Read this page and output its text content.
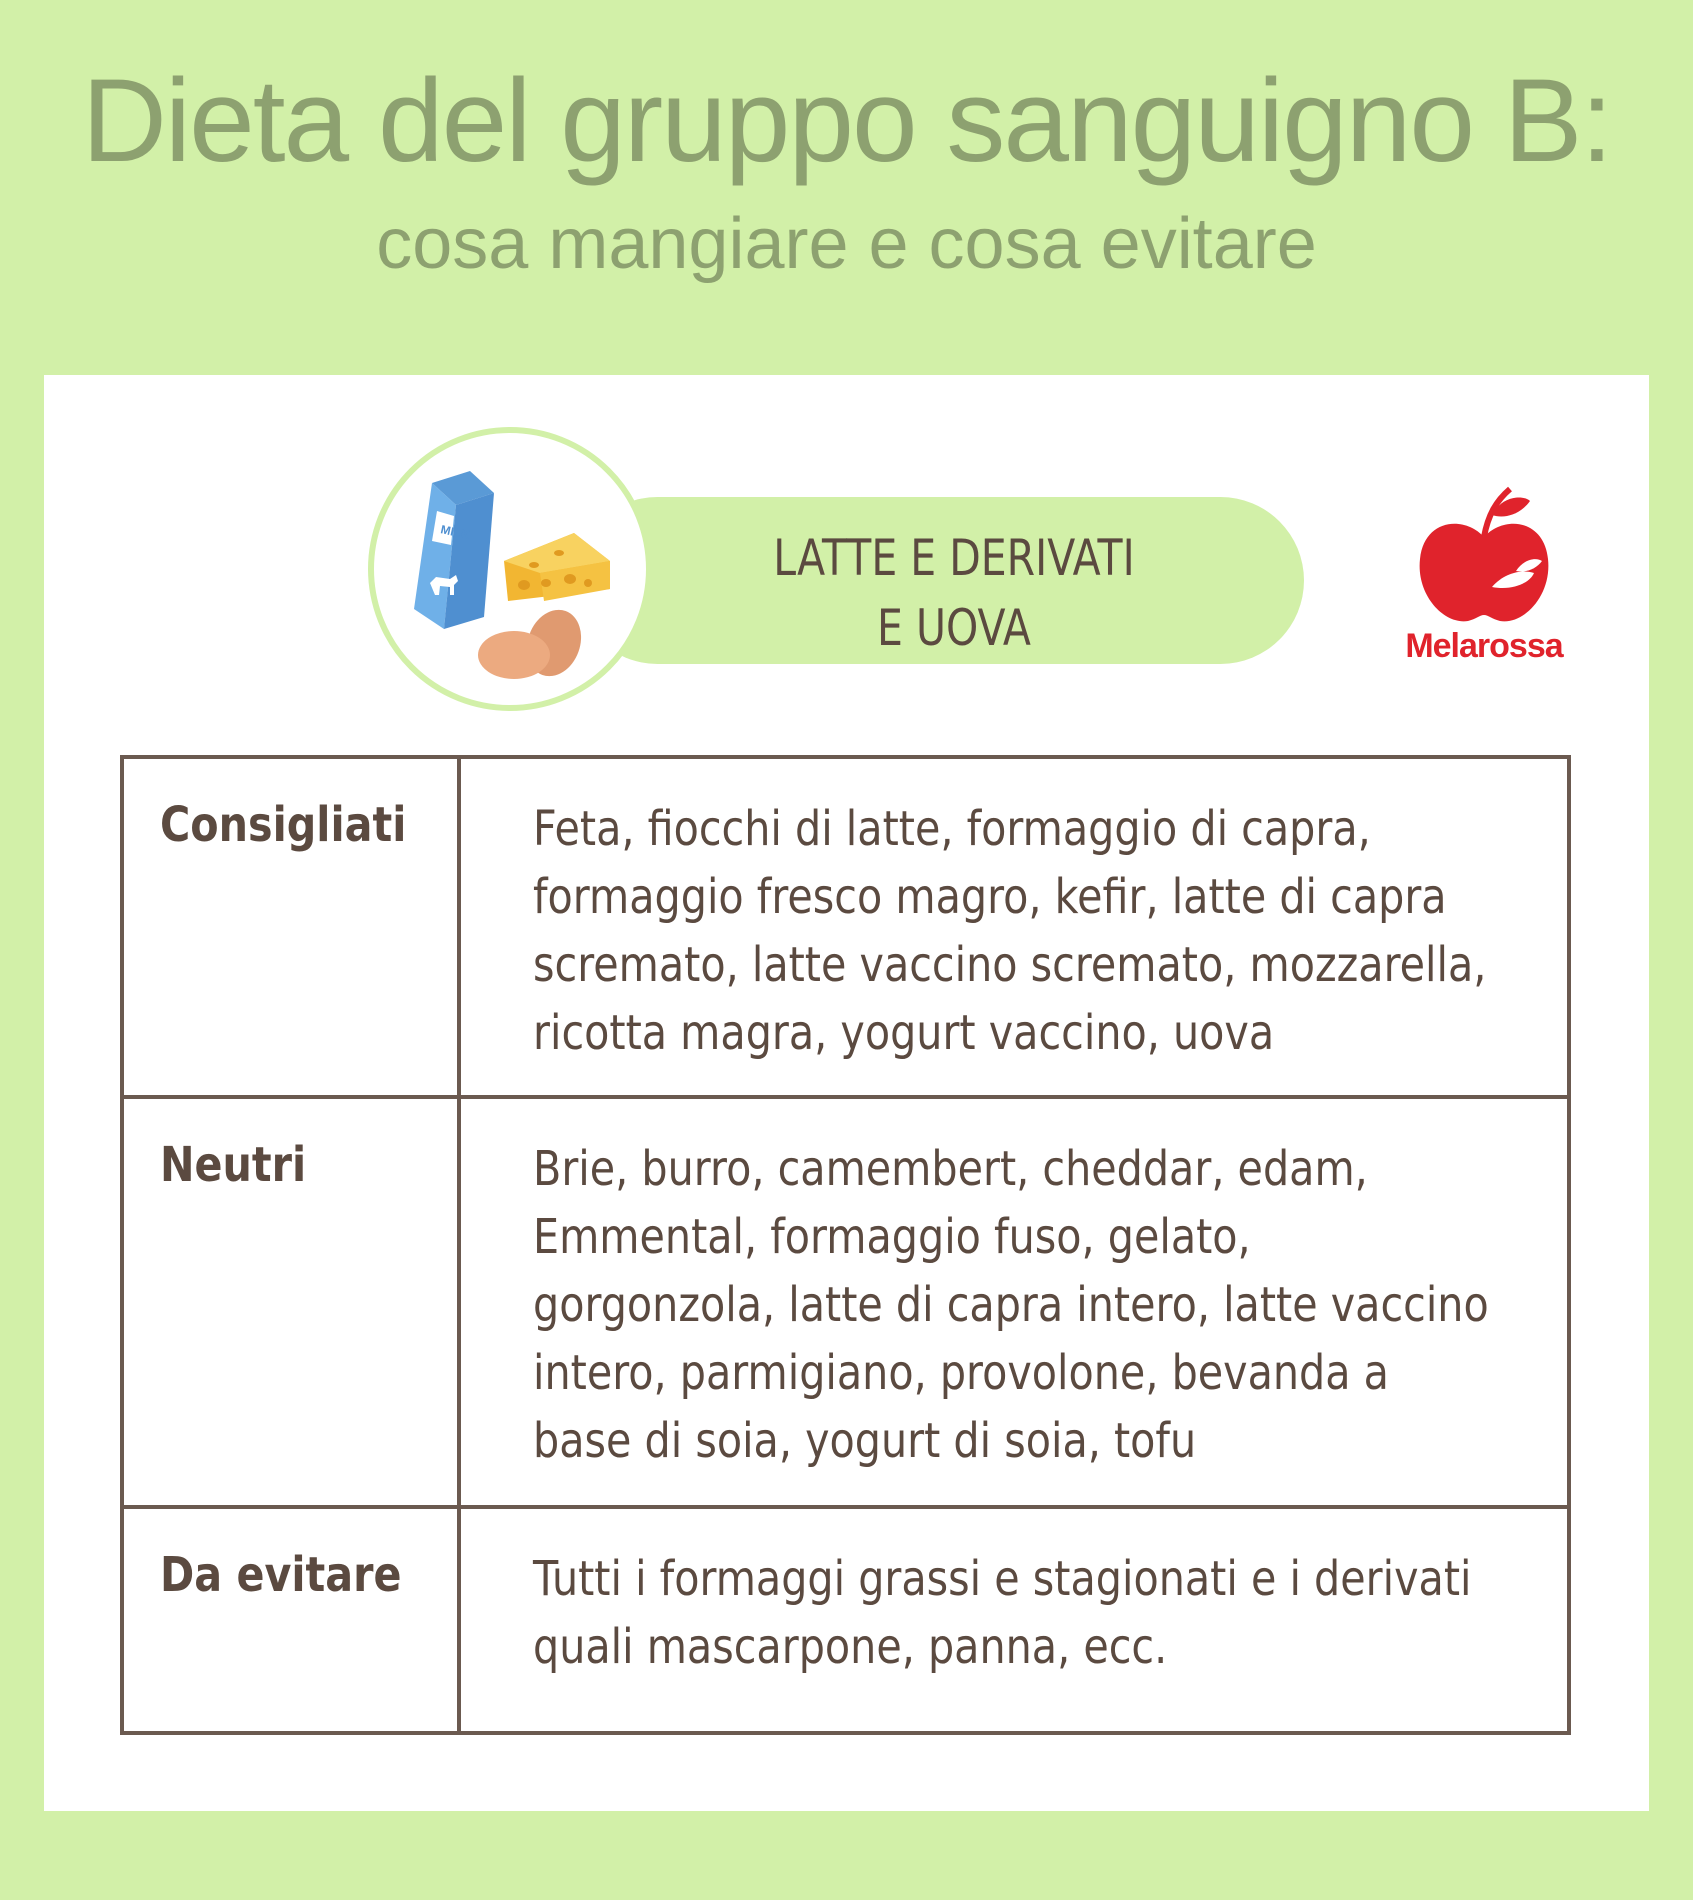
Dieta del gruppo sanguigno B:
cosa mangiare e cosa evitare
LATTE E DERIVATI
E UOVA
MILK
Melarossa
Consigliati	Feta, fiocchi di latte, formaggio di capra,
formaggio fresco magro, kefir, latte di capra
scremato, latte vaccino scremato, mozzarella,
ricotta magra, yogurt vaccino, uova
Neutri	Brie, burro, camembert, cheddar, edam,
Emmental, formaggio fuso, gelato,
gorgonzola, latte di capra intero, latte vaccino
intero, parmigiano, provolone, bevanda a
base di soia, yogurt di soia, tofu
Da evitare	Tutti i formaggi grassi e stagionati e i derivati
quali mascarpone, panna, ecc.
